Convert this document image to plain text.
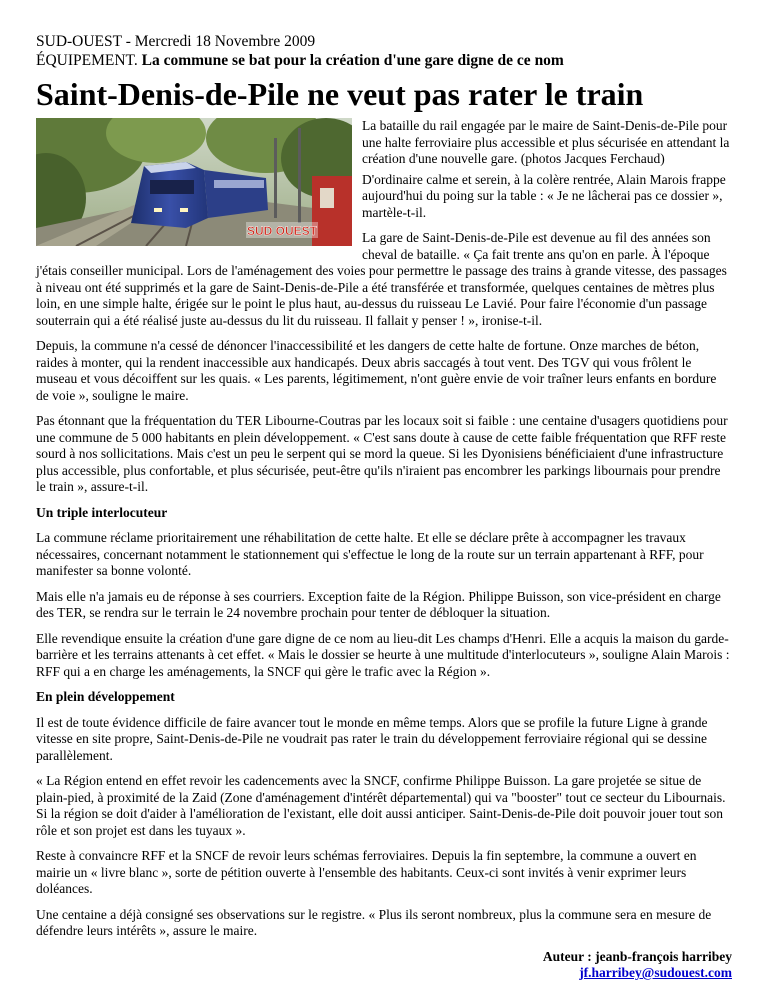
SUD-OUEST - Mercredi 18 Novembre 2009
ÉQUIPEMENT. La commune se bat pour la création d'une gare digne de ce nom
Saint-Denis-de-Pile ne veut pas rater le train
SUD OUEST

La bataille du rail engagée par le maire de Saint-Denis-de-Pile pour une halte ferroviaire plus accessible et plus sécurisée en attendant la création d'une nouvelle gare. (photos Jacques Ferchaud)

D'ordinaire calme et serein, à la colère rentrée, Alain Marois frappe aujourd'hui du poing sur la table : « Je ne lâcherai pas ce dossier », martèle-t-il.

La gare de Saint-Denis-de-Pile est devenue au fil des années son cheval de bataille. « Ça fait trente ans qu'on en parle. À l'époque j'étais conseiller municipal. Lors de l'aménagement des voies pour permettre le passage des trains à grande vitesse, des passages à niveau ont été supprimés et la gare de Saint-Denis-de-Pile a été transférée et transformée, quelques centaines de mètres plus loin, en une simple halte, érigée sur le point le plus haut, au-dessus du ruisseau Le Lavié. Pour faire l'économie d'un passage souterrain qui a été réalisé juste au-dessus du lit du ruisseau. Il fallait y penser ! », ironise-t-il.

Depuis, la commune n'a cessé de dénoncer l'inaccessibilité et les dangers de cette halte de fortune. Onze marches de béton, raides à monter, qui la rendent inaccessible aux handicapés. Deux abris saccagés à tout vent. Des TGV qui vous frôlent le museau et vous décoiffent sur les quais. « Les parents, légitimement, n'ont guère envie de voir traîner leurs enfants en bordure de voie », souligne le maire.

Pas étonnant que la fréquentation du TER Libourne-Coutras par les locaux soit si faible : une centaine d'usagers quotidiens pour une commune de 5 000 habitants en plein développement. « C'est sans doute à cause de cette faible fréquentation que RFF reste sourd à nos sollicitations. Mais c'est un peu le serpent qui se mord la queue. Si les Dyonisiens bénéficiaient d'une infrastructure plus accessible, plus confortable, et plus sécurisée, peut-être qu'ils n'iraient pas encombrer les parkings libournais pour prendre le train », assure-t-il.

Un triple interlocuteur

La commune réclame prioritairement une réhabilitation de cette halte. Et elle se déclare prête à accompagner les travaux nécessaires, concernant notamment le stationnement qui s'effectue le long de la route sur un terrain appartenant à RFF, pour manifester sa bonne volonté.

Mais elle n'a jamais eu de réponse à ses courriers. Exception faite de la Région. Philippe Buisson, son vice-président en charge des TER, se rendra sur le terrain le 24 novembre prochain pour tenter de débloquer la situation.

Elle revendique ensuite la création d'une gare digne de ce nom au lieu-dit Les champs d'Henri. Elle a acquis la maison du garde-barrière et les terrains attenants à cet effet. « Mais le dossier se heurte à une multitude d'interlocuteurs », souligne Alain Marois : RFF qui a en charge les aménagements, la SNCF qui gère le trafic avec la Région ».

En plein développement

Il est de toute évidence difficile de faire avancer tout le monde en même temps. Alors que se profile la future Ligne à grande vitesse en site propre, Saint-Denis-de-Pile ne voudrait pas rater le train du développement ferroviaire régional qui se dessine parallèlement.

« La Région entend en effet revoir les cadencements avec la SNCF, confirme Philippe Buisson. La gare projetée se situe de plain-pied, à proximité de la Zaid (Zone d'aménagement d'intérêt départemental) qui va "booster" tout ce secteur du Libournais. Si la région se doit d'aider à l'amélioration de l'existant, elle doit aussi anticiper. Saint-Denis-de-Pile doit pouvoir jouer tout son rôle et son projet est dans les tuyaux ».

Reste à convaincre RFF et la SNCF de revoir leurs schémas ferroviaires. Depuis la fin septembre, la commune a ouvert en mairie un « livre blanc », sorte de pétition ouverte à l'ensemble des habitants. Ceux-ci sont invités à venir exprimer leurs doléances.

Une centaine a déjà consigné ses observations sur le registre. « Plus ils seront nombreux, plus la commune sera en mesure de défendre leurs intérêts », assure le maire.

Auteur : jeanb-françois harribey
jf.harribey@sudouest.com
